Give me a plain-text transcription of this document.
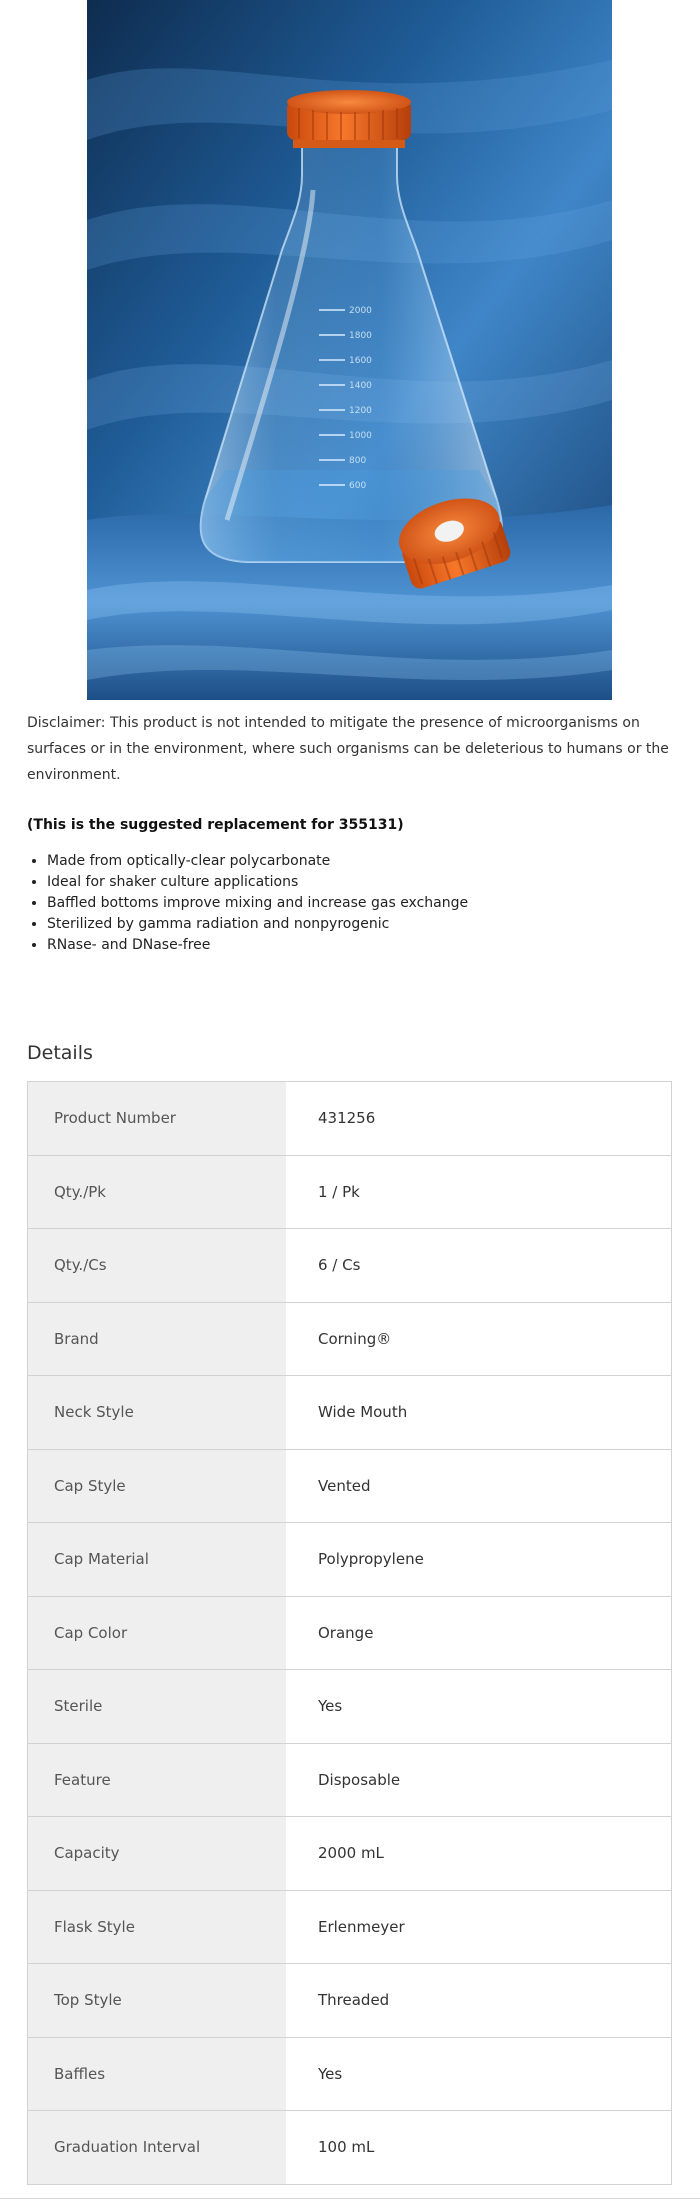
2000
1800
1600
1400
1200
1000
800
600

Disclaimer: This product is not intended to mitigate the presence of microorganisms on surfaces or in the environment, where such organisms can be deleterious to humans or the environment.

(This is the suggested replacement for 355131)

• Made from optically-clear polycarbonate
• Ideal for shaker culture applications
• Baffled bottoms improve mixing and increase gas exchange
• Sterilized by gamma radiation and nonpyrogenic
• RNase- and DNase-free
Details
Product Number	431256
Qty./Pk	1 / Pk
Qty./Cs	6 / Cs
Brand	Corning®
Neck Style	Wide Mouth
Cap Style	Vented
Cap Material	Polypropylene
Cap Color	Orange
Sterile	Yes
Feature	Disposable
Capacity	2000 mL
Flask Style	Erlenmeyer
Top Style	Threaded
Baffles	Yes
Graduation Interval	100 mL
